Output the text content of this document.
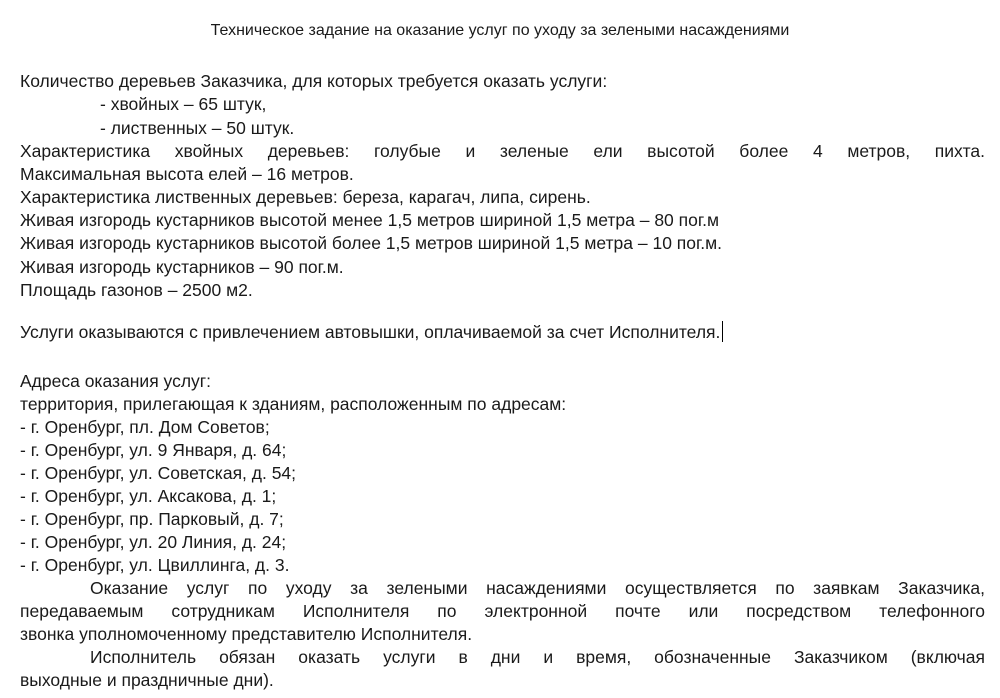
Техническое задание на оказание услуг по уходу за зелеными насаждениями
Количество деревьев Заказчика, для которых требуется оказать услуги:
- хвойных – 65 штук,
- лиственных – 50 штук.
Характеристика хвойных деревьев: голубые и зеленые ели высотой более 4 метров, пихта.
Максимальная высота елей – 16 метров.
Характеристика лиственных деревьев: береза, карагач, липа, сирень.
Живая изгородь кустарников высотой менее 1,5 метров шириной 1,5 метра – 80 пог.м
Живая изгородь кустарников высотой более 1,5 метров шириной 1,5 метра – 10 пог.м.
Живая изгородь кустарников – 90 пог.м.
Площадь газонов – 2500 м2.
Услуги оказываются с привлечением автовышки, оплачиваемой за счет Исполнителя.
Адреса оказания услуг:
территория, прилегающая к зданиям, расположенным по адресам:
- г. Оренбург, пл. Дом Советов;
- г. Оренбург, ул. 9 Января, д. 64;
- г. Оренбург, ул. Советская, д. 54;
- г. Оренбург, ул. Аксакова, д. 1;
- г. Оренбург, пр. Парковый, д. 7;
- г. Оренбург, ул. 20 Линия, д. 24;
- г. Оренбург, ул. Цвиллинга, д. 3.
Оказание услуг по уходу за зелеными насаждениями осуществляется по заявкам Заказчика,
передаваемым сотрудникам Исполнителя по электронной почте или посредством телефонного
звонка уполномоченному представителю Исполнителя.
Исполнитель обязан оказать услуги в дни и время, обозначенные Заказчиком (включая
выходные и праздничные дни).
